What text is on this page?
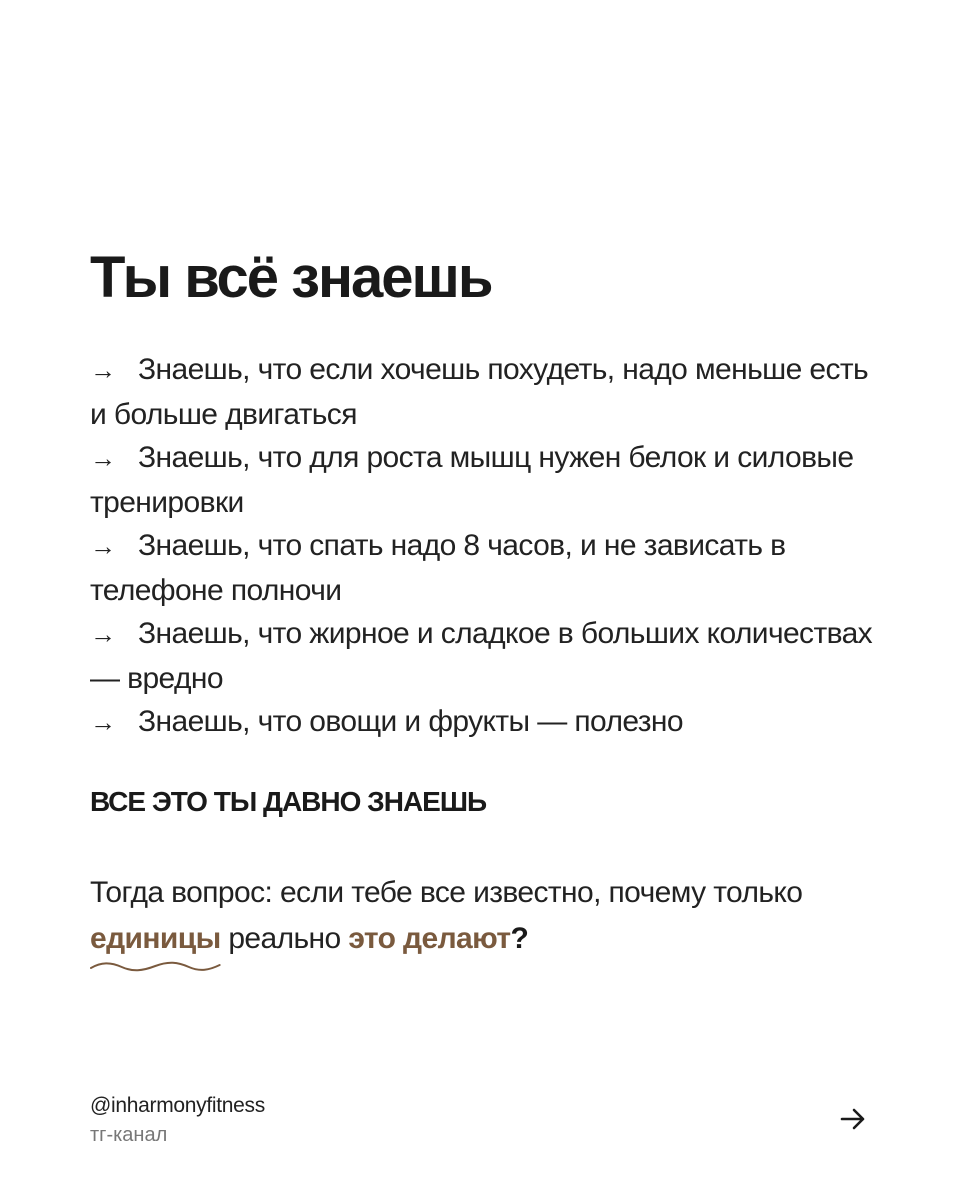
Ты всё знаешь
→ Знаешь, что если хочешь похудеть, надо меньше есть и больше двигаться
→ Знаешь, что для роста мышц нужен белок и силовые тренировки
→ Знаешь, что спать надо 8 часов, и не зависать в телефоне полночи
→ Знаешь, что жирное и сладкое в больших количествах — вредно
→ Знаешь, что овощи и фрукты — полезно
ВСЕ ЭТО ТЫ ДАВНО ЗНАЕШЬ

Тогда вопрос: если тебе все известно, почему только единицы
реально это делают?

@inharmonyfitness
тг-канал
